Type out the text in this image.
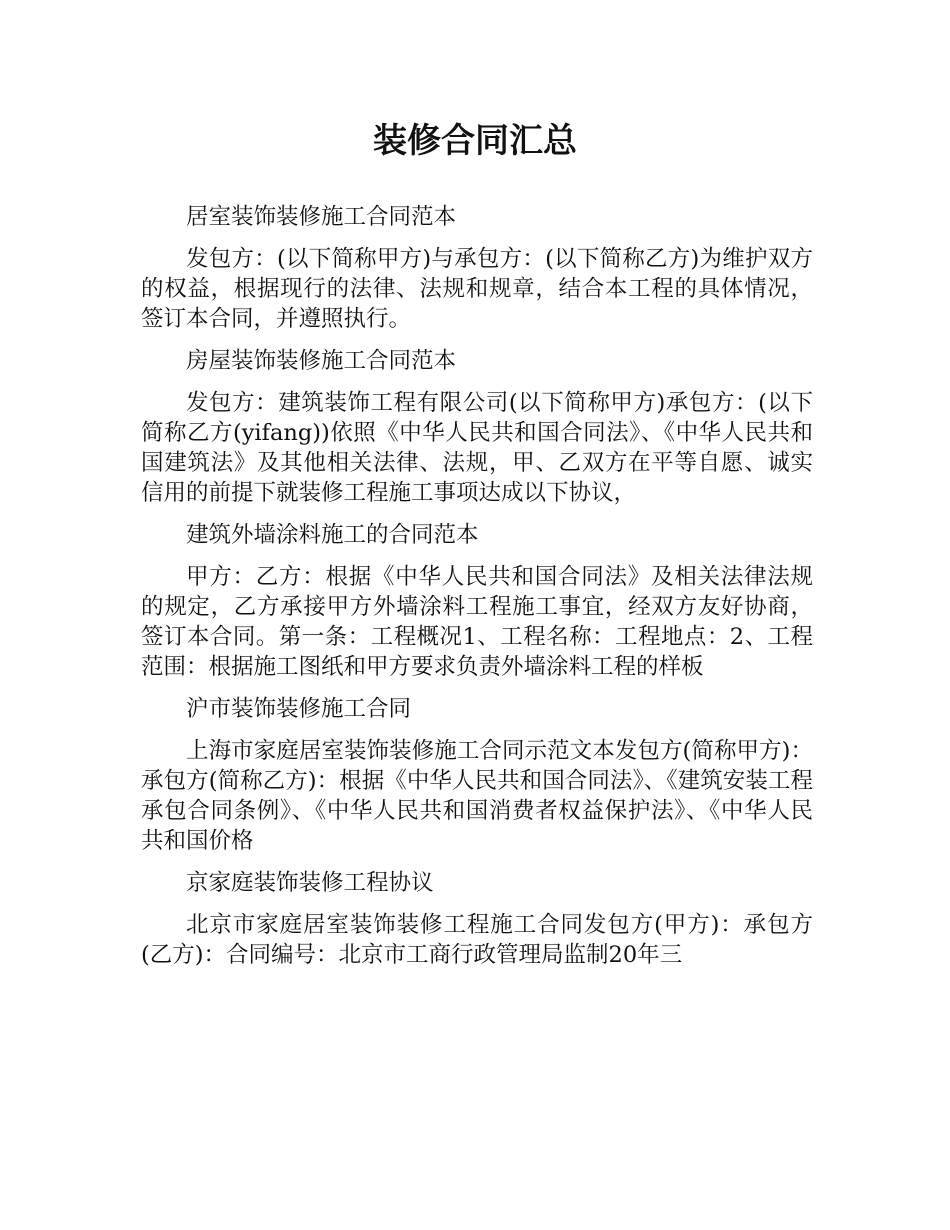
装修合同汇总

居室装饰装修施工合同范本

发包方：(以下简称甲方)与承包方：(以下简称乙方)为维护双方的权益，根据现行的法律、法规和规章，结合本工程的具体情况，签订本合同，并遵照执行。

房屋装饰装修施工合同范本

发包方：建筑装饰工程有限公司(以下简称甲方)承包方：(以下简称乙方(yifang))依照《中华人民共和国合同法》、《中华人民共和国建筑法》及其他相关法律、法规，甲、乙双方在平等自愿、诚实信用的前提下就装修工程施工事项达成以下协议，

建筑外墙涂料施工的合同范本

甲方：乙方：根据《中华人民共和国合同法》及相关法律法规的规定，乙方承接甲方外墙涂料工程施工事宜，经双方友好协商，签订本合同。第一条：工程概况1、工程名称：工程地点：2、工程范围：根据施工图纸和甲方要求负责外墙涂料工程的样板

沪市装饰装修施工合同

上海市家庭居室装饰装修施工合同示范文本发包方(简称甲方)：承包方(简称乙方)：根据《中华人民共和国合同法》、《建筑安装工程承包合同条例》、《中华人民共和国消费者权益保护法》、《中华人民共和国价格

京家庭装饰装修工程协议

北京市家庭居室装饰装修工程施工合同发包方(甲方)：承包方(乙方)：合同编号：北京市工商行政管理局监制20年三
